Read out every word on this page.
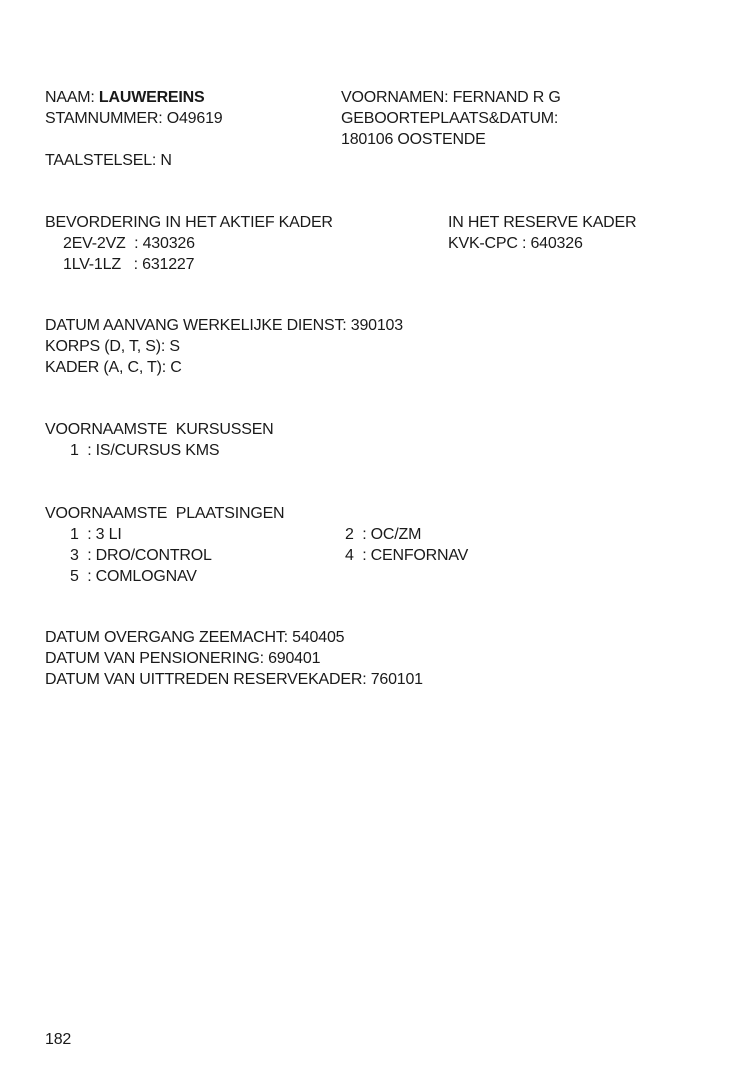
NAAM: LAUWEREINS
STAMNUMMER: O49619
TAALSTELSEL: N
VOORNAMEN: FERNAND R G
GEBOORTEPLAATS&DATUM:
180106 OOSTENDE
BEVORDERING IN HET AKTIEF KADER
2EV-2VZ  : 430326
1LV-1LZ   : 631227
IN HET RESERVE KADER
KVK-CPC : 640326
DATUM AANVANG WERKELIJKE DIENST: 390103
KORPS (D, T, S): S
KADER (A, C, T): C
VOORNAAMSTE  KURSUSSEN
1  : IS/CURSUS KMS
VOORNAAMSTE  PLAATSINGEN
1  : 3 LI
3  : DRO/CONTROL
5  : COMLOGNAV
2  : OC/ZM
4  : CENFORNAV
DATUM OVERGANG ZEEMACHT: 540405
DATUM VAN PENSIONERING: 690401
DATUM VAN UITTREDEN RESERVEKADER: 760101
182
